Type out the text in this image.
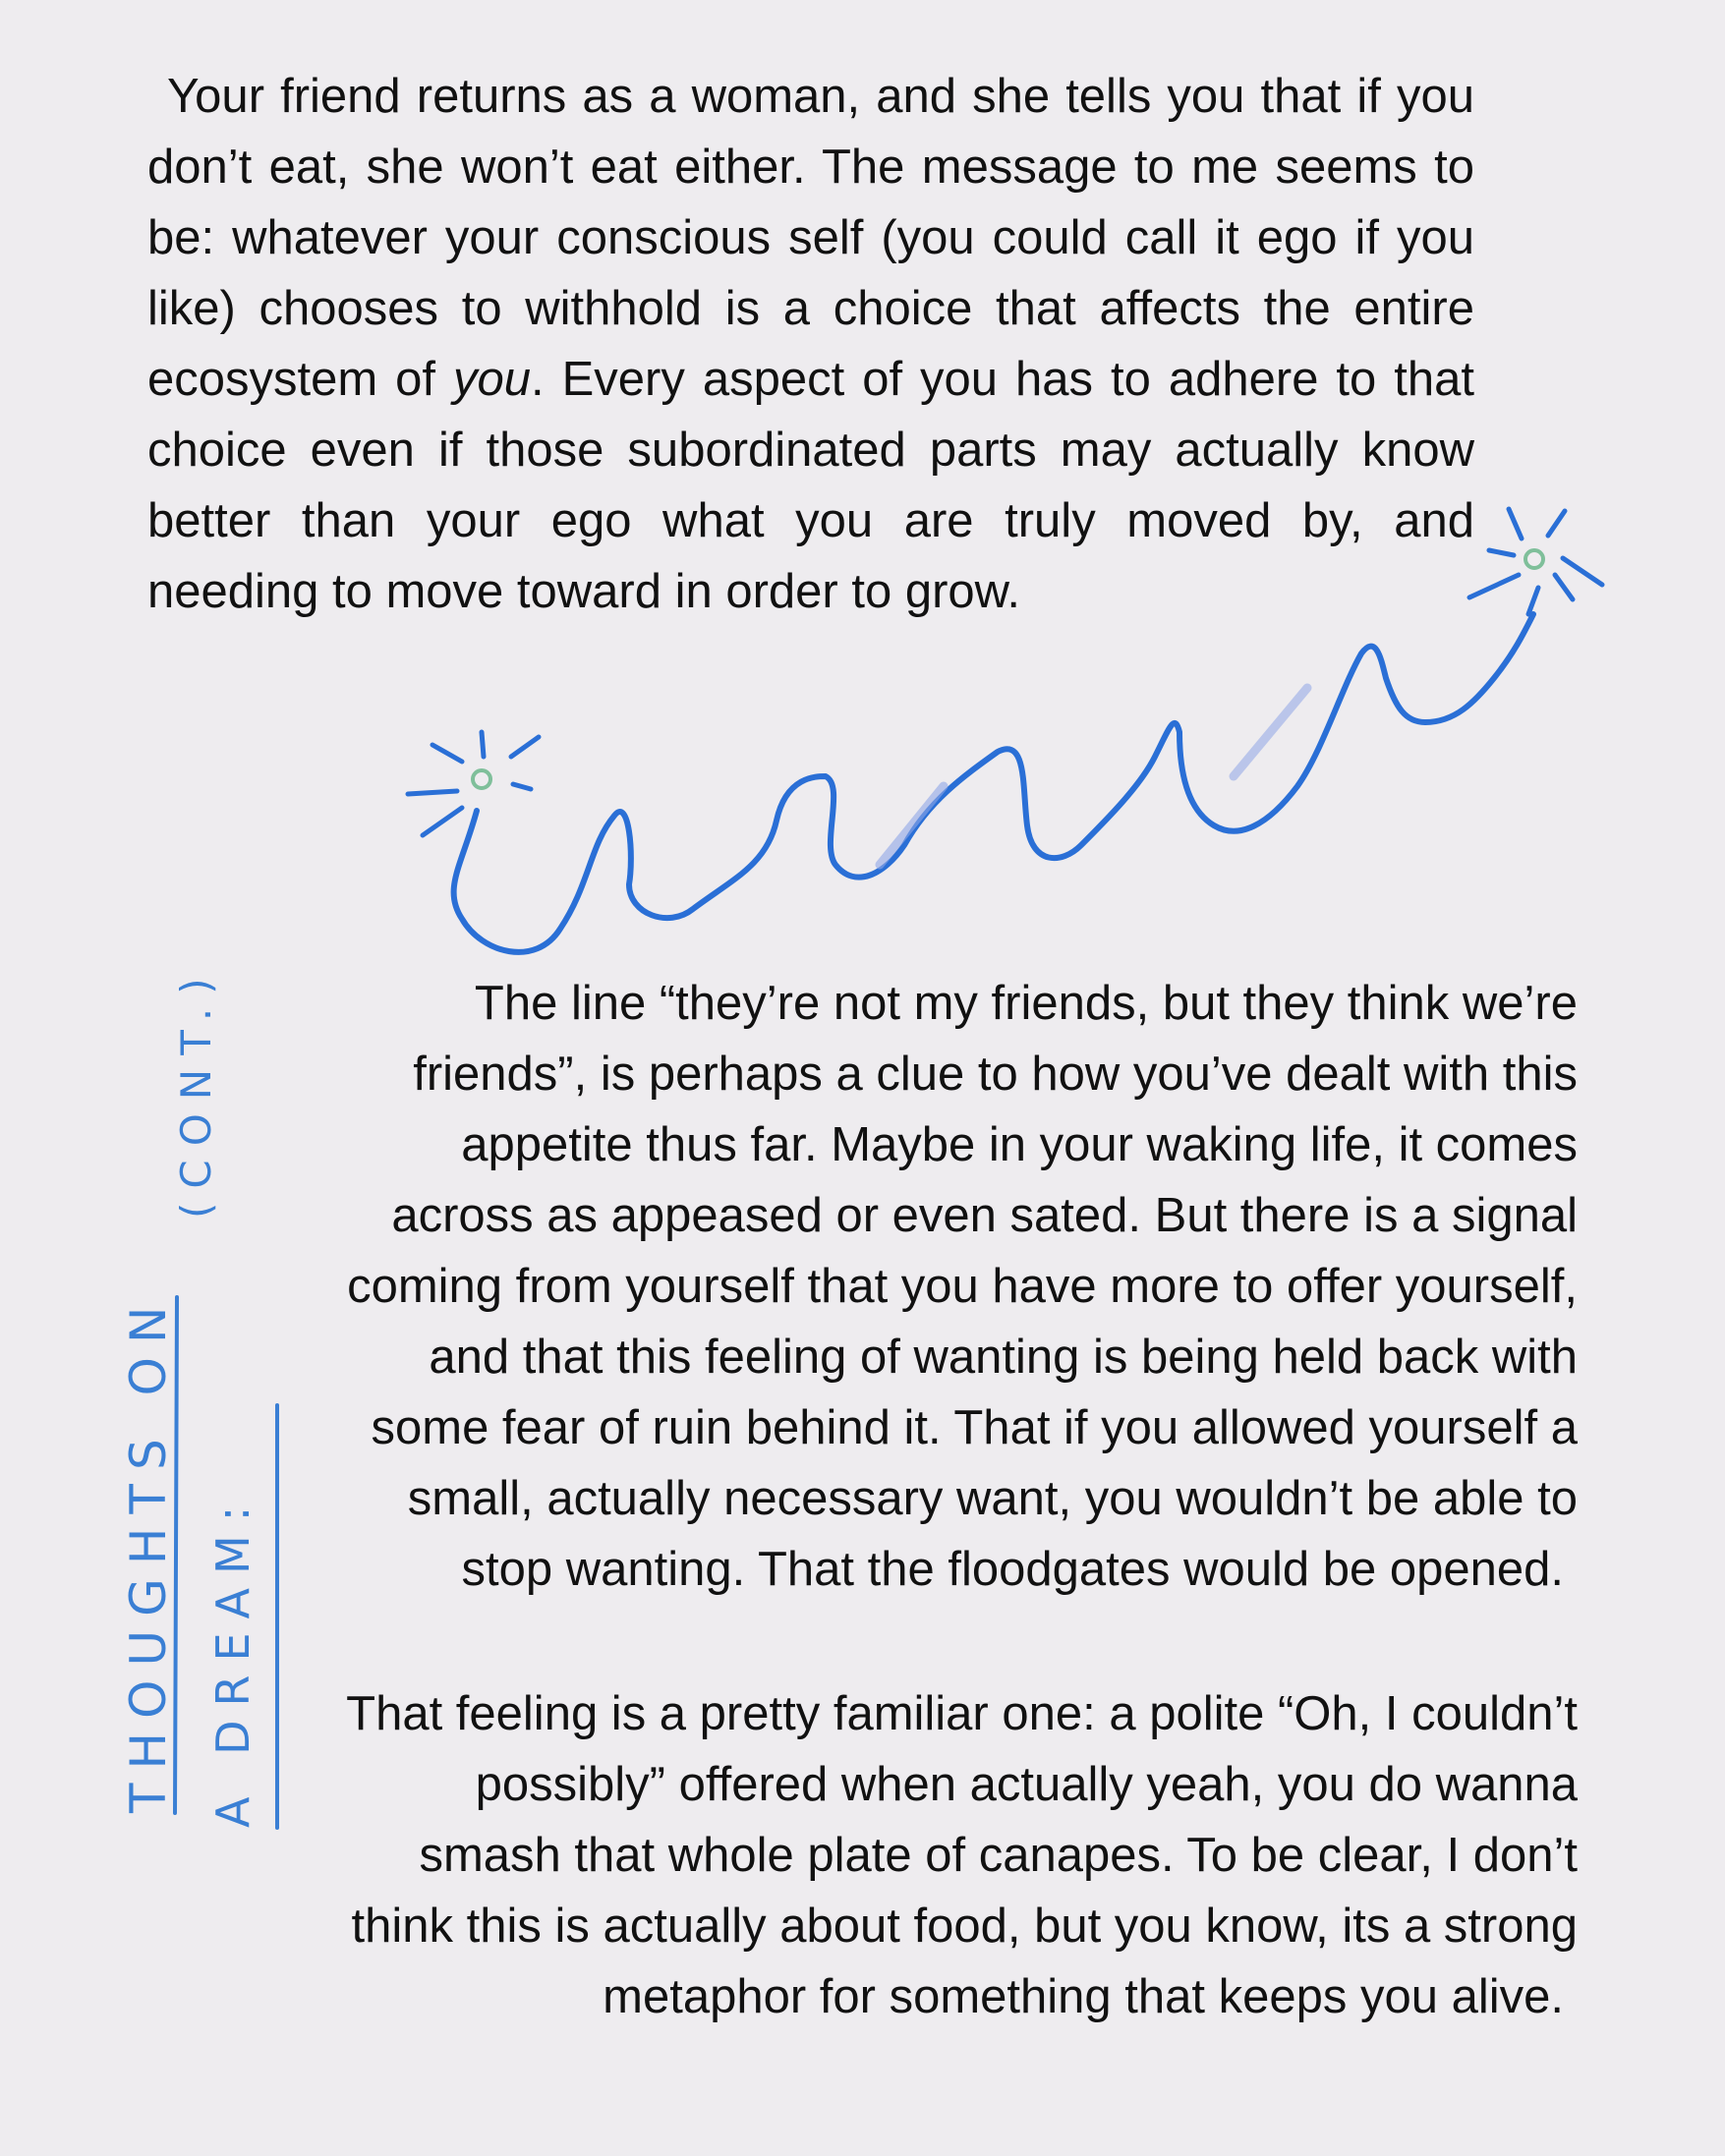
Your friend returns as a woman, and she tells you that if you don’t eat, she won’t eat either. The message to me seems to be: whatever your conscious self (you could call it ego if you like) chooses to withhold is a choice that affects the entire ecosystem of you. Every aspect of you has to adhere to that choice even if those subordinated parts may actually know better than your ego what you are truly moved by, and needing to move toward in order to grow.

(CONT.)
THOUGHTS ON A DREAM:

The line “they’re not my friends, but they think we’re
friends”, is perhaps a clue to how you’ve dealt with this
appetite thus far. Maybe in your waking life, it comes
across as appeased or even sated. But there is a signal
coming from yourself that you have more to offer yourself,
and that this feeling of wanting is being held back with
some fear of ruin behind it. That if you allowed yourself a
small, actually necessary want, you wouldn’t be able to
stop wanting. That the floodgates would be opened.

That feeling is a pretty familiar one: a polite “Oh, I couldn’t
possibly” offered when actually yeah, you do wanna
smash that whole plate of canapes. To be clear, I don’t
think this is actually about food, but you know, its a strong
metaphor for something that keeps you alive.
